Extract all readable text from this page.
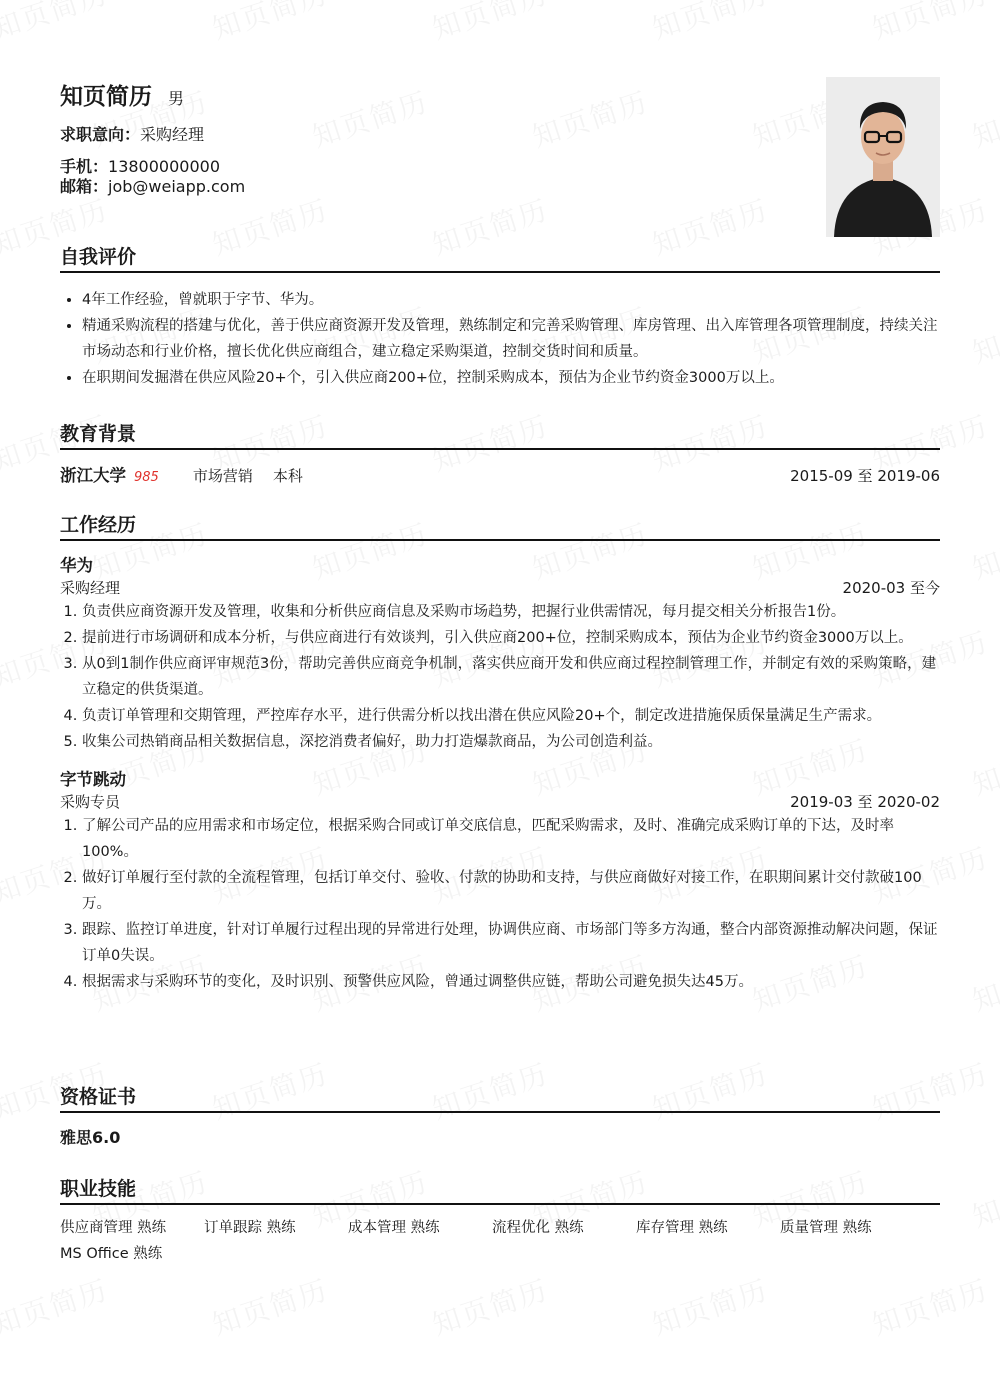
知页简历 男
求职意向：采购经理
手机：13800000000
邮箱：job@weiapp.com
自我评价
• 4年工作经验，曾就职于字节、华为。
• 精通采购流程的搭建与优化，善于供应商资源开发及管理，熟练制定和完善采购管理、库房管理、出入库管理各项管理制度，持续关注市场动态和行业价格，擅长优化供应商组合，建立稳定采购渠道，控制交货时间和质量。
• 在职期间发掘潜在供应风险20+个，引入供应商200+位，控制采购成本，预估为企业节约资金3000万以上。
教育背景
浙江大学 985 市场营销 本科	2015-09 至 2019-06
工作经历
华为
采购经理	2020-03 至今
1. 负责供应商资源开发及管理，收集和分析供应商信息及采购市场趋势，把握行业供需情况，每月提交相关分析报告1份。
2. 提前进行市场调研和成本分析，与供应商进行有效谈判，引入供应商200+位，控制采购成本，预估为企业节约资金3000万以上。
3. 从0到1制作供应商评审规范3份，帮助完善供应商竞争机制，落实供应商开发和供应商过程控制管理工作，并制定有效的采购策略，建立稳定的供货渠道。
4. 负责订单管理和交期管理，严控库存水平，进行供需分析以找出潜在供应风险20+个，制定改进措施保质保量满足生产需求。
5. 收集公司热销商品相关数据信息，深挖消费者偏好，助力打造爆款商品，为公司创造利益。
字节跳动
采购专员	2019-03 至 2020-02
1. 了解公司产品的应用需求和市场定位，根据采购合同或订单交底信息，匹配采购需求，及时、准确完成采购订单的下达，及时率100%。
2. 做好订单履行至付款的全流程管理，包括订单交付、验收、付款的协助和支持，与供应商做好对接工作，在职期间累计交付款破100万。
3. 跟踪、监控订单进度，针对订单履行过程出现的异常进行处理，协调供应商、市场部门等多方沟通，整合内部资源推动解决问题，保证订单0失误。
4. 根据需求与采购环节的变化，及时识别、预警供应风险，曾通过调整供应链，帮助公司避免损失达45万。
资格证书
雅思6.0
职业技能
供应商管理 熟练	订单跟踪 熟练	成本管理 熟练	流程优化 熟练	库存管理 熟练	质量管理 熟练
MS Office 熟练
